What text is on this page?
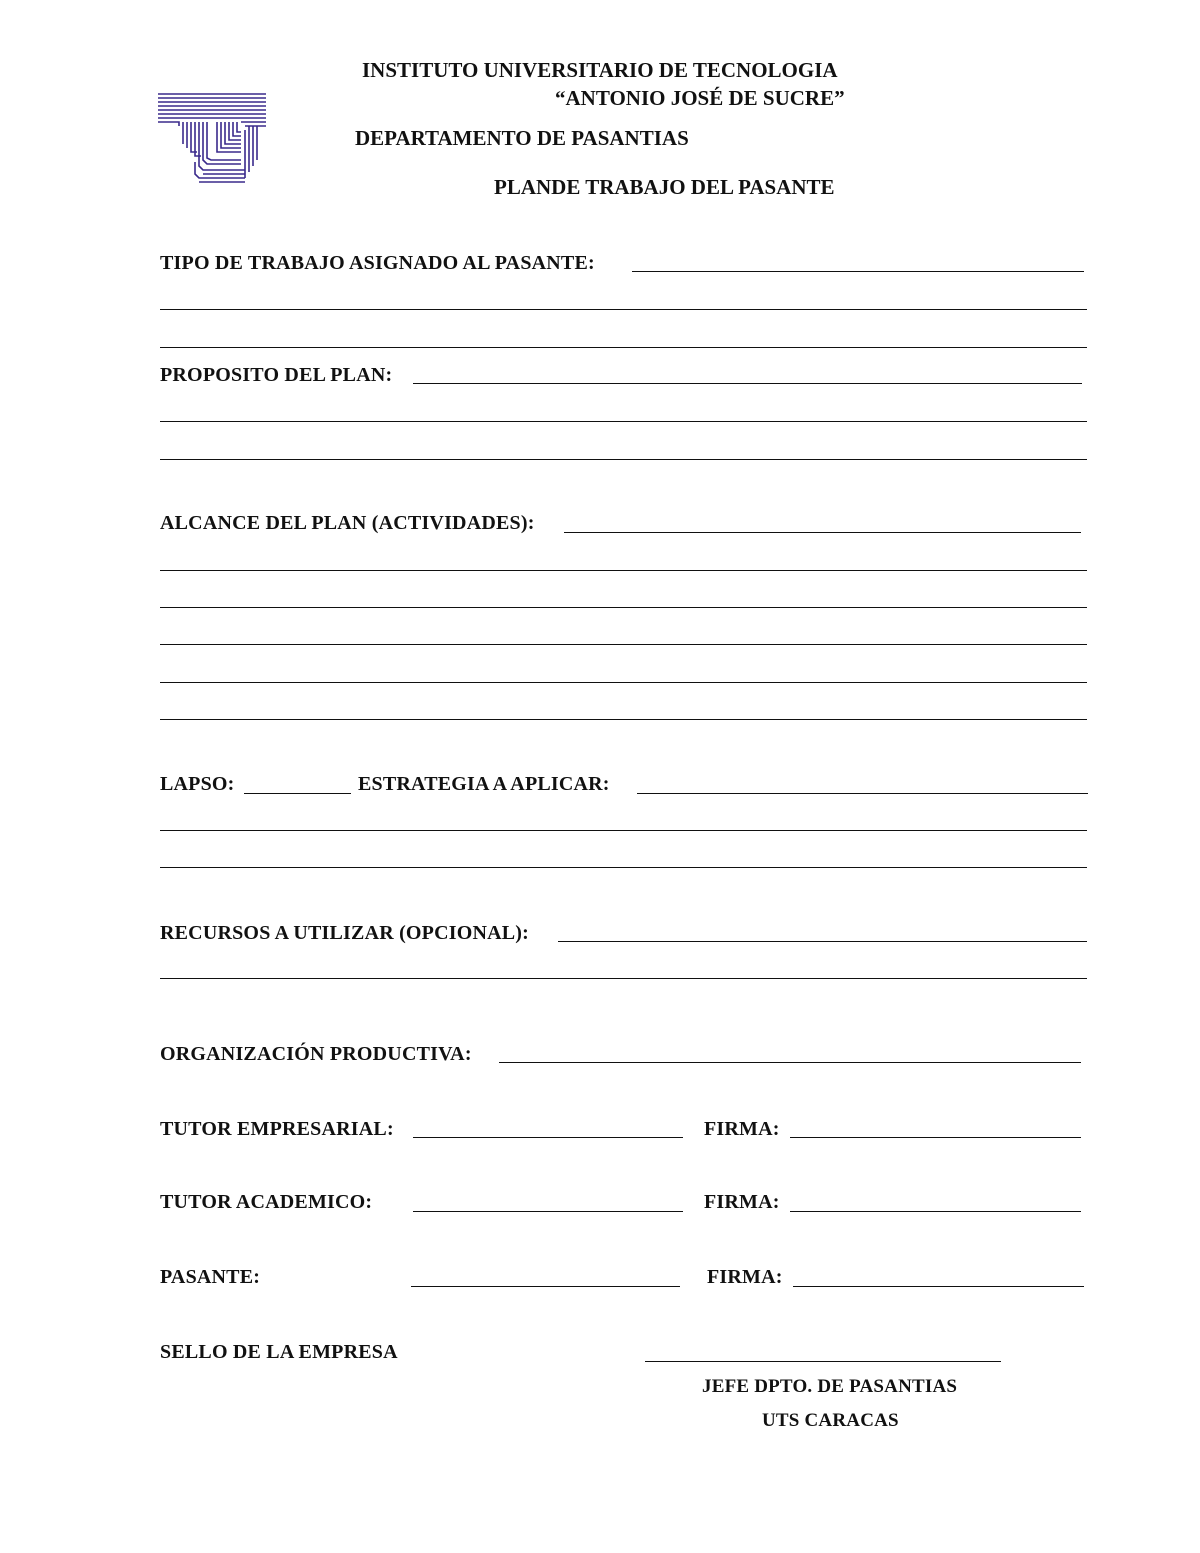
INSTITUTO UNIVERSITARIO DE TECNOLOGIA
“ANTONIO JOSÉ DE SUCRE”
DEPARTAMENTO DE PASANTIAS
PLANDE TRABAJO DEL PASANTE
TIPO DE TRABAJO ASIGNADO AL PASANTE:
PROPOSITO DEL PLAN:
ALCANCE DEL PLAN (ACTIVIDADES):
LAPSO:	ESTRATEGIA A APLICAR:
RECURSOS A UTILIZAR (OPCIONAL):
ORGANIZACIÓN PRODUCTIVA:
TUTOR EMPRESARIAL:	FIRMA:
TUTOR ACADEMICO:	FIRMA:
PASANTE:	FIRMA:
SELLO DE LA EMPRESA
JEFE DPTO. DE PASANTIAS
UTS CARACAS
